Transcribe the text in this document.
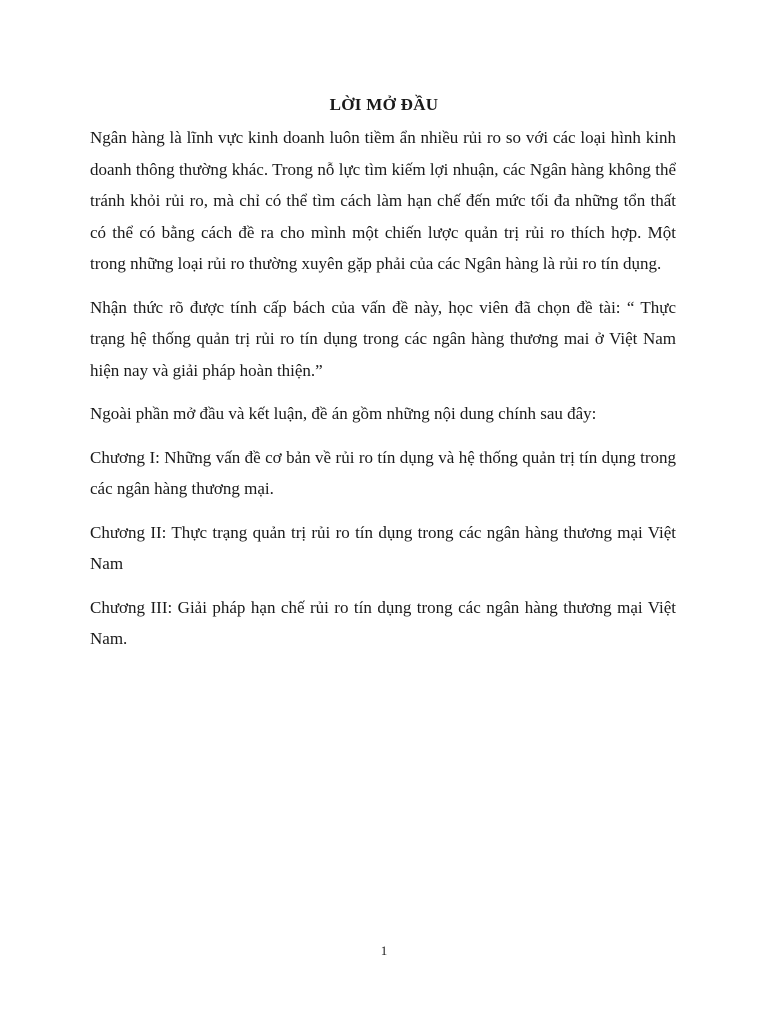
LỜI MỞ ĐẦU

Ngân hàng là lĩnh vực kinh doanh luôn tiềm ẩn nhiều rủi ro so với các loại hình kinh doanh thông thường khác. Trong nỗ lực tìm kiếm lợi nhuận, các Ngân hàng không thể tránh khỏi rủi ro, mà chỉ có thể tìm cách làm hạn chế đến mức tối đa những tổn thất có thể có bằng cách đề ra cho mình một chiến lược quản trị rủi ro thích hợp. Một trong những loại rủi ro thường xuyên gặp phải của các Ngân hàng là rủi ro tín dụng.

Nhận thức rõ được tính cấp bách của vấn đề này, học viên đã chọn đề tài: “ Thực trạng hệ thống quản trị rủi ro tín dụng trong các ngân hàng thương mai ở Việt Nam hiện nay và giải pháp hoàn thiện.”

Ngoài phần mở đầu và kết luận, đề án gồm những nội dung chính sau đây:

Chương I: Những vấn đề cơ bản về rủi ro tín dụng và hệ thống quản trị tín dụng trong các ngân hàng thương mại.

Chương II: Thực trạng quản trị rủi ro tín dụng trong các ngân hàng thương mại Việt Nam

Chương III: Giải pháp hạn chế rủi ro tín dụng trong các ngân hàng thương mại Việt Nam.

1
